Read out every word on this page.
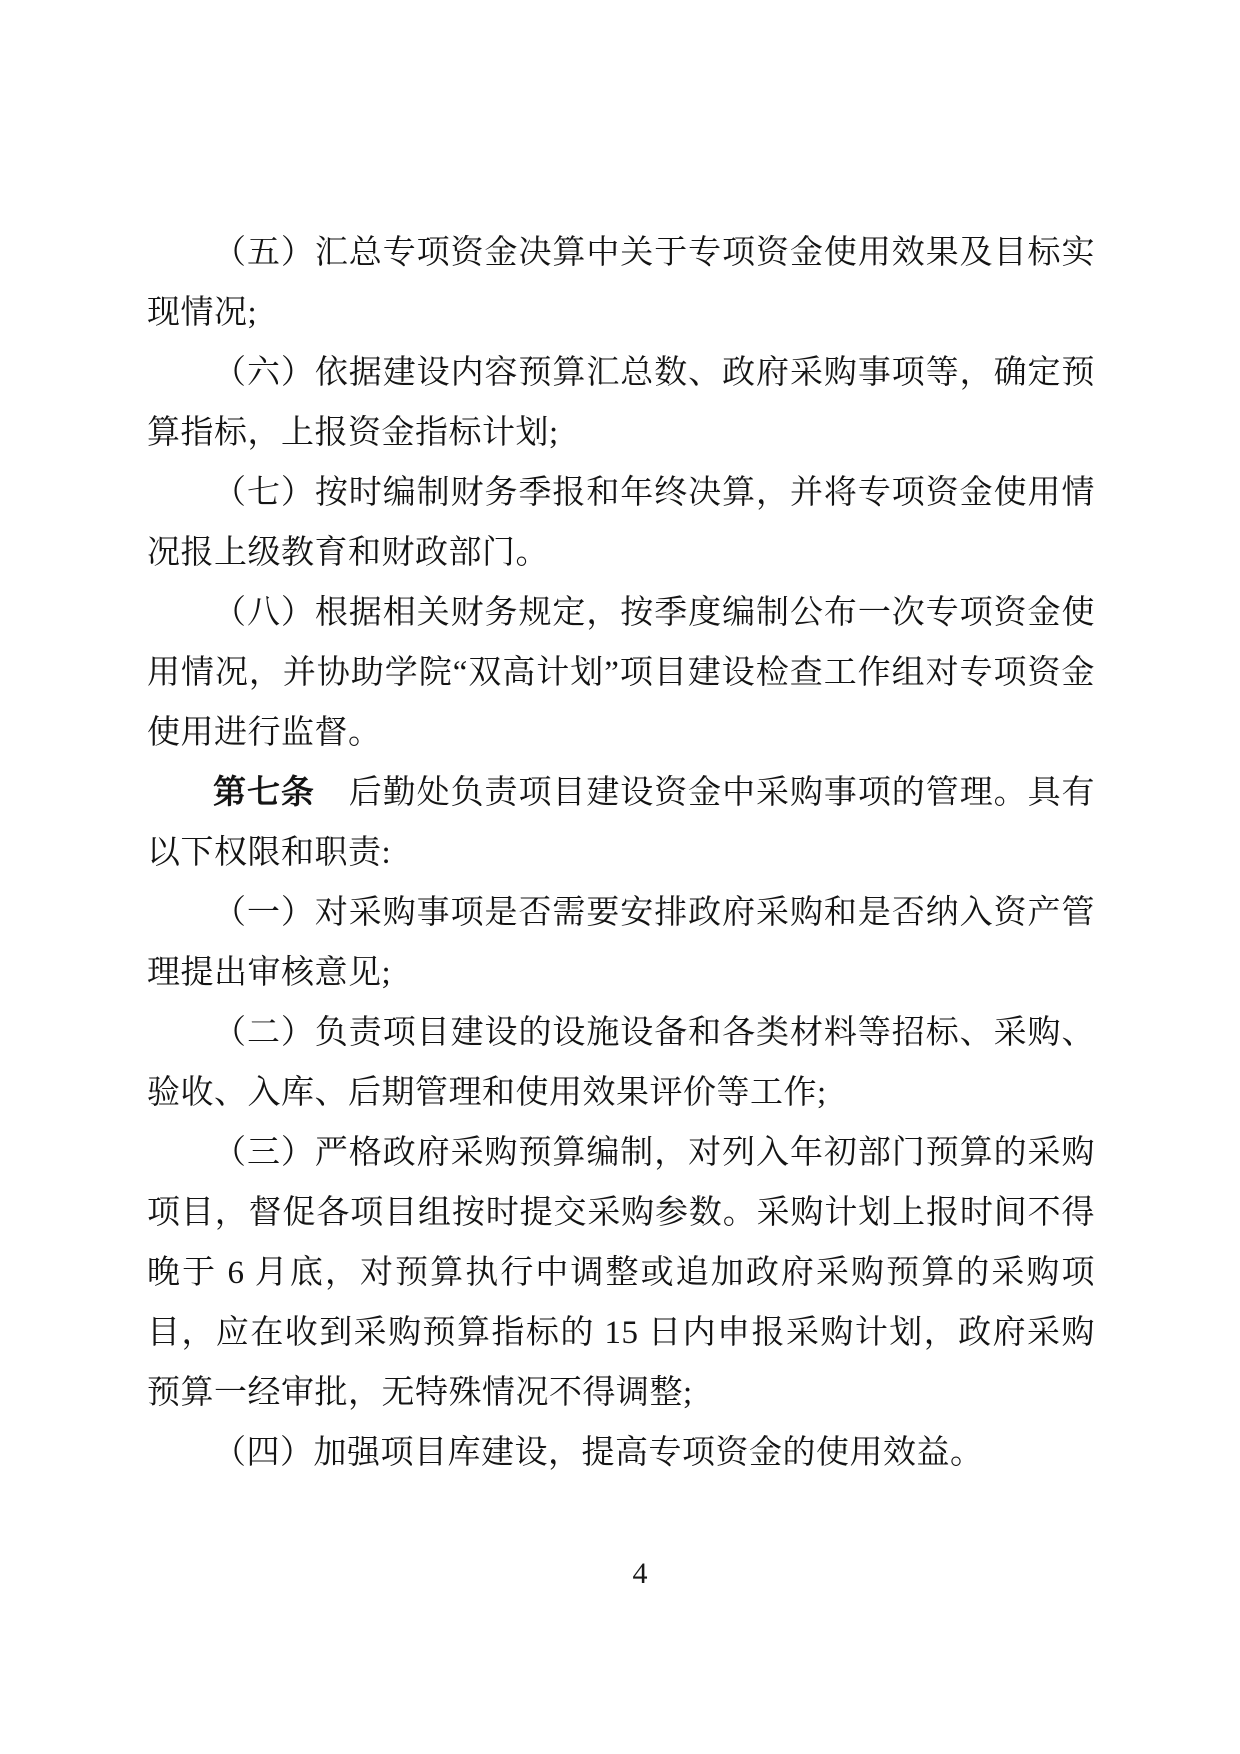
（五）汇总专项资金决算中关于专项资金使用效果及目标实现情况;

（六）依据建设内容预算汇总数、政府采购事项等，确定预算指标，上报资金指标计划;

（七）按时编制财务季报和年终决算，并将专项资金使用情况报上级教育和财政部门。

（八）根据相关财务规定，按季度编制公布一次专项资金使用情况，并协助学院“双高计划”项目建设检查工作组对专项资金使用进行监督。

第七条　后勤处负责项目建设资金中采购事项的管理。具有以下权限和职责:

（一）对采购事项是否需要安排政府采购和是否纳入资产管理提出审核意见;

（二）负责项目建设的设施设备和各类材料等招标、采购、验收、入库、后期管理和使用效果评价等工作;

（三）严格政府采购预算编制，对列入年初部门预算的采购项目，督促各项目组按时提交采购参数。采购计划上报时间不得晚于 6 月底，对预算执行中调整或追加政府采购预算的采购项目，应在收到采购预算指标的 15 日内申报采购计划，政府采购预算一经审批，无特殊情况不得调整;

（四）加强项目库建设，提高专项资金的使用效益。

4
